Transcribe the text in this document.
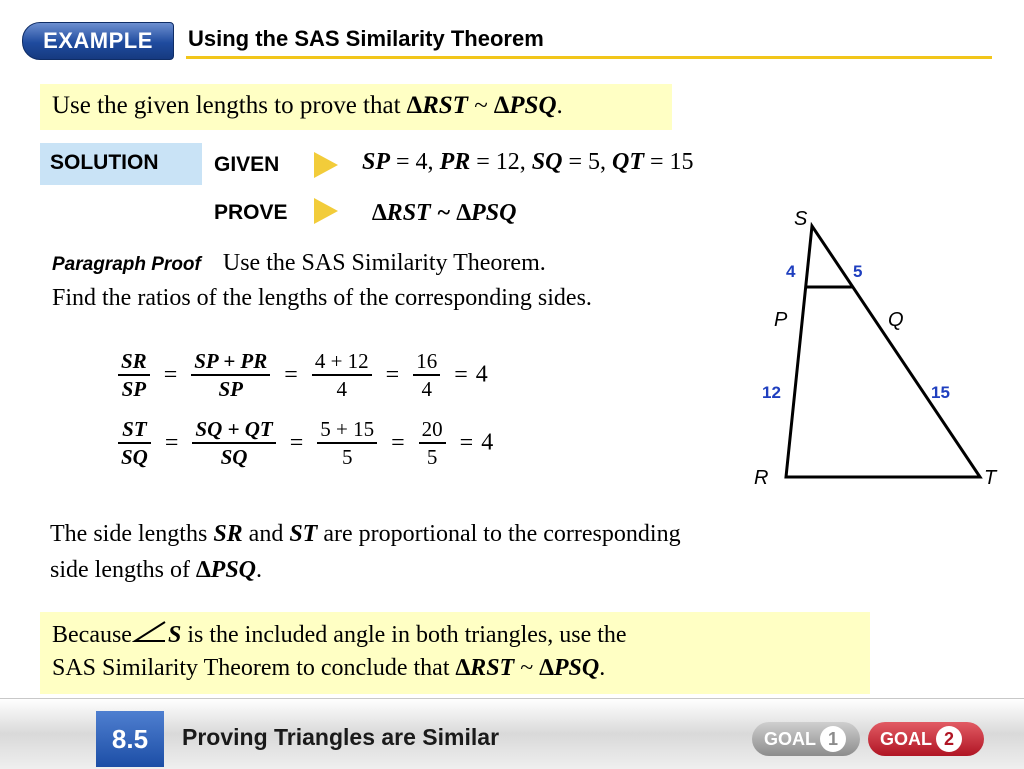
EXAMPLE	Using the SAS Similarity Theorem
Use the given lengths to prove that ∆RST ~ ∆PSQ.
SOLUTION	GIVEN	SP = 4, PR = 12, SQ = 5, QT = 15
PROVE	∆RST ~ ∆PSQ
Paragraph Proof Use the SAS Similarity Theorem.
Find the ratios of the lengths of the corresponding sides.
$\frac{SR}{SP} = \frac{SP + PR}{SP} = \frac{4 + 12}{4} = \frac{16}{4} = 4$
$\frac{ST}{SQ} = \frac{SQ + QT}{SQ} = \frac{5 + 15}{5} = \frac{20}{5} = 4$
S
P	Q
R	T
4	5
12	15
The side lengths SR and ST are proportional to the corresponding
side lengths of ∆PSQ.
Because S is the included angle in both triangles, use the
SAS Similarity Theorem to conclude that ∆RST ~ ∆PSQ.
8.5	Proving Triangles are Similar	GOAL 1	GOAL 2
